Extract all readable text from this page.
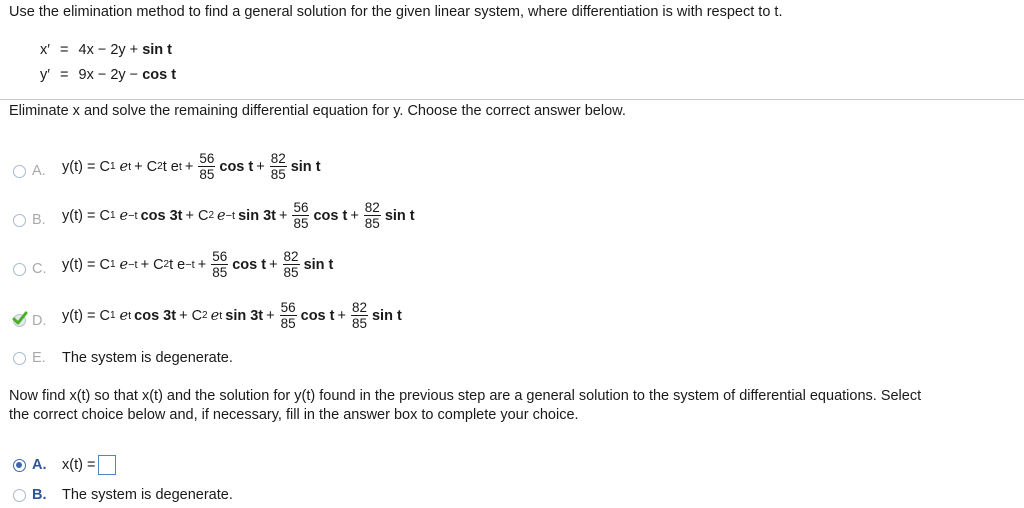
Use the elimination method to find a general solution for the given linear system, where differentiation is with respect to t.
x′ = 4x − 2y + sin t
y′ = 9x − 2y − cos t
Eliminate x and solve the remaining differential equation for y. Choose the correct answer below.
A. y(t) = C 1 e t + C 2 t e $t + \frac{56}{85}$ $\cos t + \frac{82}{85}$ sin t
B. y(t) = C 1 e −t cos 3t + C 2 e −t $\sin 3t + \frac{56}{85}$ $\cos t + \frac{82}{85}$ sin t
C. y(t) = C 1 e −t + C 2 t $e -t + \frac{56}{85}$ $\cos t + \frac{82}{85}$ sin t
D. y(t) = C 1 e t cos 3t + C 2 e t $\sin 3t + \frac{56}{85}$ $\cos t + \frac{82}{85}$ sin t
E. The system is degenerate.
Now find x(t) so that x(t) and the solution for y(t) found in the previous step are a general solution to the system of differential equations. Select
the correct choice below and, if necessary, fill in the answer box to complete your choice.
A. x(t) =
B. The system is degenerate.
